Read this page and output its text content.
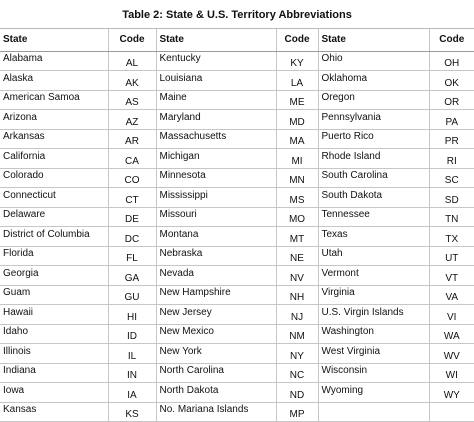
Table 2: State & U.S. Territory Abbreviations
State	Code	State	Code	State	Code
Alabama	AL	Kentucky	KY	Ohio	OH
Alaska	AK	Louisiana	LA	Oklahoma	OK
American Samoa	AS	Maine	ME	Oregon	OR
Arizona	AZ	Maryland	MD	Pennsylvania	PA
Arkansas	AR	Massachusetts	MA	Puerto Rico	PR
California	CA	Michigan	MI	Rhode Island	RI
Colorado	CO	Minnesota	MN	South Carolina	SC
Connecticut	CT	Mississippi	MS	South Dakota	SD
Delaware	DE	Missouri	MO	Tennessee	TN
District of Columbia	DC	Montana	MT	Texas	TX
Florida	FL	Nebraska	NE	Utah	UT
Georgia	GA	Nevada	NV	Vermont	VT
Guam	GU	New Hampshire	NH	Virginia	VA
Hawaii	HI	New Jersey	NJ	U.S. Virgin Islands	VI
Idaho	ID	New Mexico	NM	Washington	WA
Illinois	IL	New York	NY	West Virginia	WV
Indiana	IN	North Carolina	NC	Wisconsin	WI
Iowa	IA	North Dakota	ND	Wyoming	WY
Kansas	KS	No. Mariana Islands	MP		
